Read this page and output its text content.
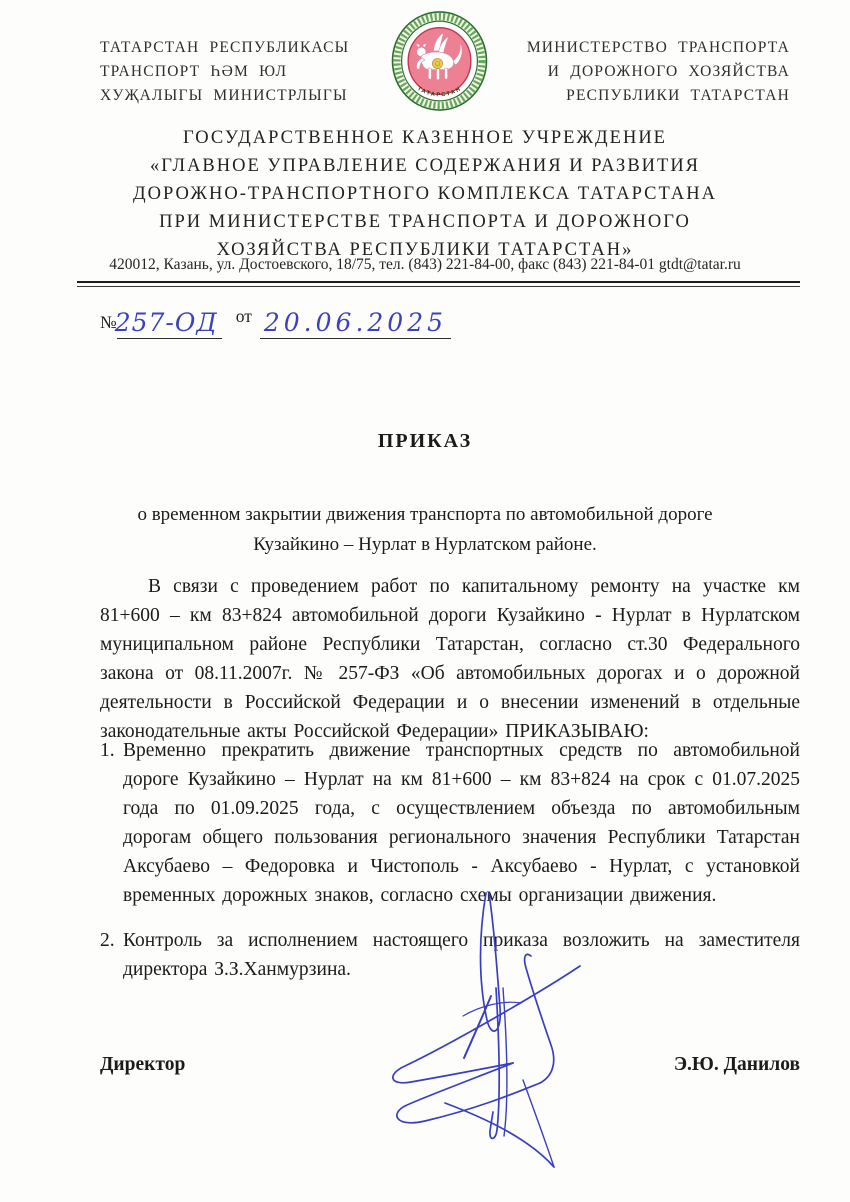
ТАТАРСТАН РЕСПУБЛИКАСЫ
ТРАНСПОРТ ҺӘМ ЮЛ
ХУҖАЛЫГЫ МИНИСТРЛЫГЫ	ТАТАРСТАН
МИНИСТЕРСТВО ТРАНСПОРТА
И ДОРОЖНОГО ХОЗЯЙСТВА
РЕСПУБЛИКИ ТАТАРСТАН
ГОСУДАРСТВЕННОЕ КАЗЕННОЕ УЧРЕЖДЕНИЕ
«ГЛАВНОЕ УПРАВЛЕНИЕ СОДЕРЖАНИЯ И РАЗВИТИЯ
ДОРОЖНО-ТРАНСПОРТНОГО КОМПЛЕКСА ТАТАРСТАНА
ПРИ МИНИСТЕРСТВЕ ТРАНСПОРТА И ДОРОЖНОГО
ХОЗЯЙСТВА РЕСПУБЛИКИ ТАТАРСТАН»
420012, Казань, ул. Достоевского, 18/75, тел. (843) 221-84-00, факс (843) 221-84-01 gtdt@tatar.ru
№
257-ОД от 20.06.2025
ПРИКАЗ
о временном закрытии движения транспорта по автомобильной дороге
Кузайкино – Нурлат в Нурлатском районе.
В связи с проведением работ по капитальному ремонту на участке км 81+600 – км 83+824 автомобильной дороги Кузайкино - Нурлат в Нурлатском муниципальном районе Республики Татарстан, согласно ст.30 Федерального закона от 08.11.2007г. № 257-ФЗ «Об автомобильных дорогах и о дорожной деятельности в Российской Федерации и о внесении изменений в отдельные законодательные акты Российской Федерации» ПРИКАЗЫВАЮ:
1. Временно прекратить движение транспортных средств по автомобильной дороге Кузайкино – Нурлат на км 81+600 – км 83+824 на срок с 01.07.2025 года по 01.09.2025 года, с осуществлением объезда по автомобильным дорогам общего пользования регионального значения Республики Татарстан Аксубаево – Федоровка и Чистополь - Аксубаево - Нурлат, с установкой временных дорожных знаков, согласно схемы организации движения.
2. Контроль за исполнением настоящего приказа возложить на заместителя директора З.З.Ханмурзина.
Директор	Э.Ю. Данилов
